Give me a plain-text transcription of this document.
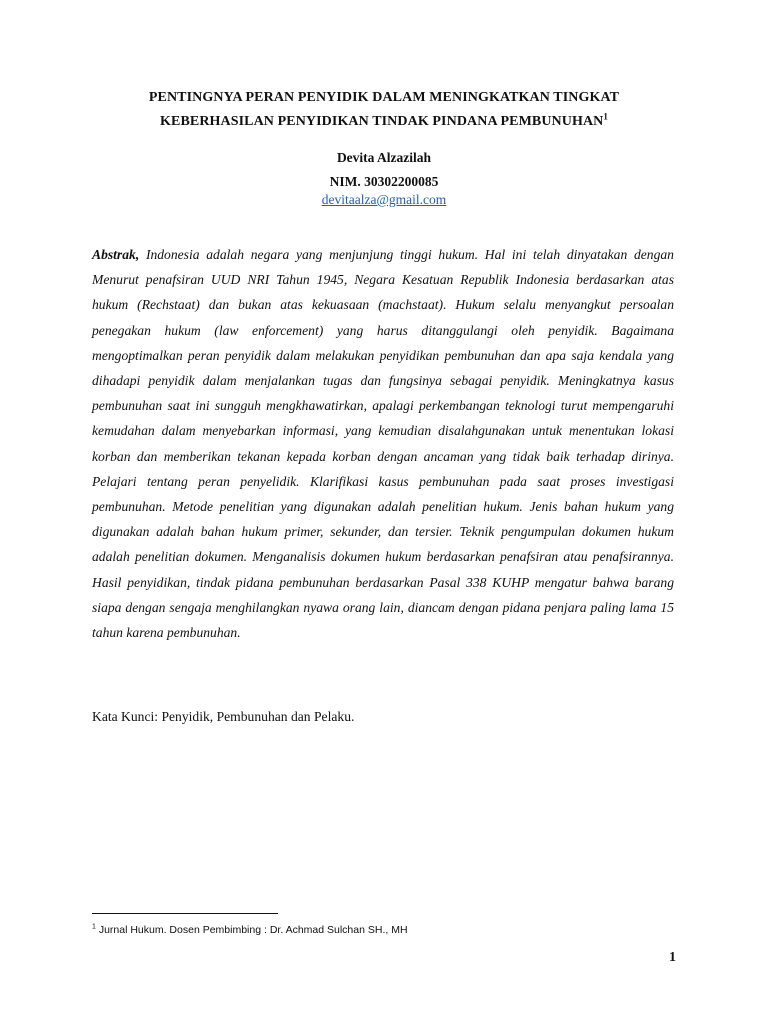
PENTINGNYA PERAN PENYIDIK DALAM MENINGKATKAN TINGKAT
KEBERHASILAN PENYIDIKAN TINDAK PINDANA PEMBUNUHAN$^1$
Devita Alzazilah
NIM. 30302200085
devitaalza@gmail.com

Abstrak, Indonesia adalah negara yang menjunjung tinggi hukum. Hal ini telah dinyatakan dengan Menurut penafsiran UUD NRI Tahun 1945, Negara Kesatuan Republik Indonesia berdasarkan atas hukum (Rechstaat) dan bukan atas kekuasaan (machstaat). Hukum selalu menyangkut persoalan penegakan hukum (law enforcement) yang harus ditanggulangi oleh penyidik. Bagaimana mengoptimalkan peran penyidik dalam melakukan penyidikan pembunuhan dan apa saja kendala yang dihadapi penyidik dalam menjalankan tugas dan fungsinya sebagai penyidik. Meningkatnya kasus pembunuhan saat ini sungguh mengkhawatirkan, apalagi perkembangan teknologi turut mempengaruhi kemudahan dalam menyebarkan informasi, yang kemudian disalahgunakan untuk menentukan lokasi korban dan memberikan tekanan kepada korban dengan ancaman yang tidak baik terhadap dirinya. Pelajari tentang peran penyelidik. Klarifikasi kasus pembunuhan pada saat proses investigasi pembunuhan. Metode penelitian yang digunakan adalah penelitian hukum. Jenis bahan hukum yang digunakan adalah bahan hukum primer, sekunder, dan tersier. Teknik pengumpulan dokumen hukum adalah penelitian dokumen. Menganalisis dokumen hukum berdasarkan penafsiran atau penafsirannya. Hasil penyidikan, tindak pidana pembunuhan berdasarkan Pasal 338 KUHP mengatur bahwa barang siapa dengan sengaja menghilangkan nyawa orang lain, diancam dengan pidana penjara paling lama 15 tahun karena pembunuhan.

Kata Kunci: Penyidik, Pembunuhan dan Pelaku.

$^1$ Jurnal Hukum. Dosen Pembimbing : Dr. Achmad Sulchan SH., MH

1
